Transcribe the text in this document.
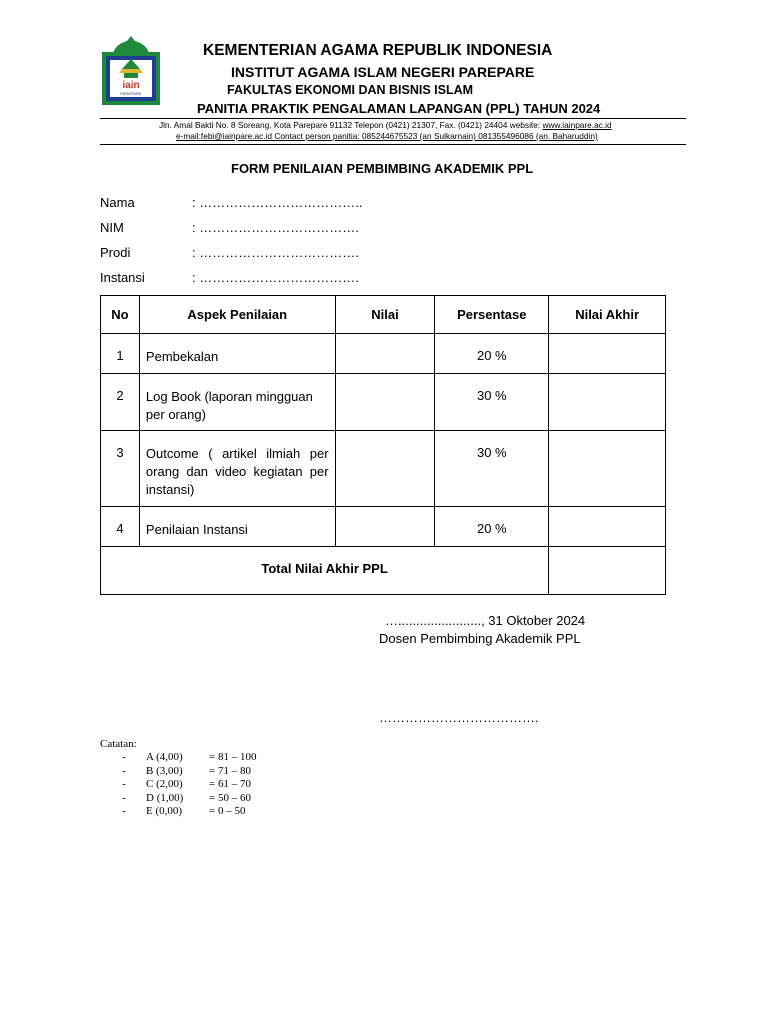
iain
PAREPARE
KEMENTERIAN AGAMA REPUBLIK INDONESIA
INSTITUT AGAMA ISLAM NEGERI PAREPARE
FAKULTAS EKONOMI DAN BISNIS ISLAM
PANITIA PRAKTIK PENGALAMAN LAPANGAN (PPL) TAHUN 2024
Jln. Amal Bakti No. 8 Soreang, Kota Parepare 91132 Telepon (0421) 21307, Fax. (0421) 24404 website: www.iainpare.ac.id
e-mail:febi@iainpare.ac.id Contact person panitia: 085244675523 (an Sulkarnain) 081355496086 (an. Baharuddin)
FORM PENILAIAN PEMBIMBING AKADEMIK PPL
Nama	: ………………………………..
NIM	: ……………………………….
Prodi	: ……………………………….
Instansi	: ……………………………….
No	Aspek Penilaian	Nilai	Persentase	Nilai Akhir
1	Pembekalan		20 %	
2	Log Book (laporan mingguan per orang)		30 %	
3	Outcome ( artikel ilmiah per orang dan video kegiatan per instansi)		30 %	
4	Penilaian Instansi		20 %	
Total Nilai Akhir PPL				
…......................., 31 Oktober 2024
Dosen Pembimbing Akademik PPL
……………………………….
Catatan:
- A (4,00) = 81 – 100
- B (3,00) = 71 – 80
- C (2,00) = 61 – 70
- D (1,00) = 50 – 60
- E (0,00) = 0 – 50
